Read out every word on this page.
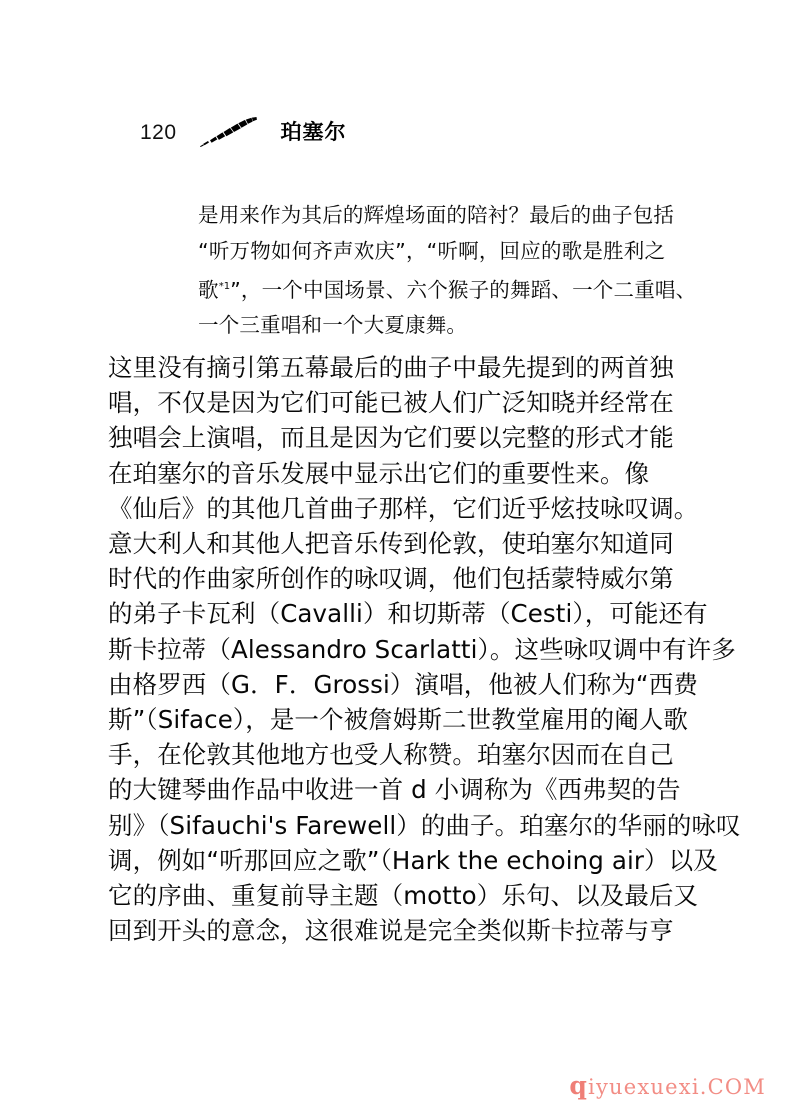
120	珀塞尔
是用来作为其后的辉煌场面的陪衬？最后的曲子包括
“听万物如何齐声欢庆”，“听啊，回应的歌是胜利之
歌$^{*1}$”，一个中国场景、六个猴子的舞蹈、一个二重唱、
一个三重唱和一个大夏康舞。
这里没有摘引第五幕最后的曲子中最先提到的两首独
唱，不仅是因为它们可能已被人们广泛知晓并经常在
独唱会上演唱，而且是因为它们要以完整的形式才能
在珀塞尔的音乐发展中显示出它们的重要性来。像
《仙后》的其他几首曲子那样，它们近乎炫技咏叹调。
意大利人和其他人把音乐传到伦敦，使珀塞尔知道同
时代的作曲家所创作的咏叹调，他们包括蒙特威尔第
的弟子卡瓦利（Cavalli）和切斯蒂（Cesti），可能还有
斯卡拉蒂（Alessandro Scarlatti）。这些咏叹调中有许多
由格罗西（G．F．Grossi）演唱，他被人们称为“西费
斯”（Siface），是一个被詹姆斯二世教堂雇用的阉人歌
手，在伦敦其他地方也受人称赞。珀塞尔因而在自己
的大键琴曲作品中收进一首 d 小调称为《西弗契的告
别》（Sifauchi's Farewell）的曲子。珀塞尔的华丽的咏叹
调，例如“听那回应之歌”（Hark the echoing air）以及
它的序曲、重复前导主题（motto）乐句、以及最后又
回到开头的意念，这很难说是完全类似斯卡拉蒂与亨
qiyuexuexi.COM
